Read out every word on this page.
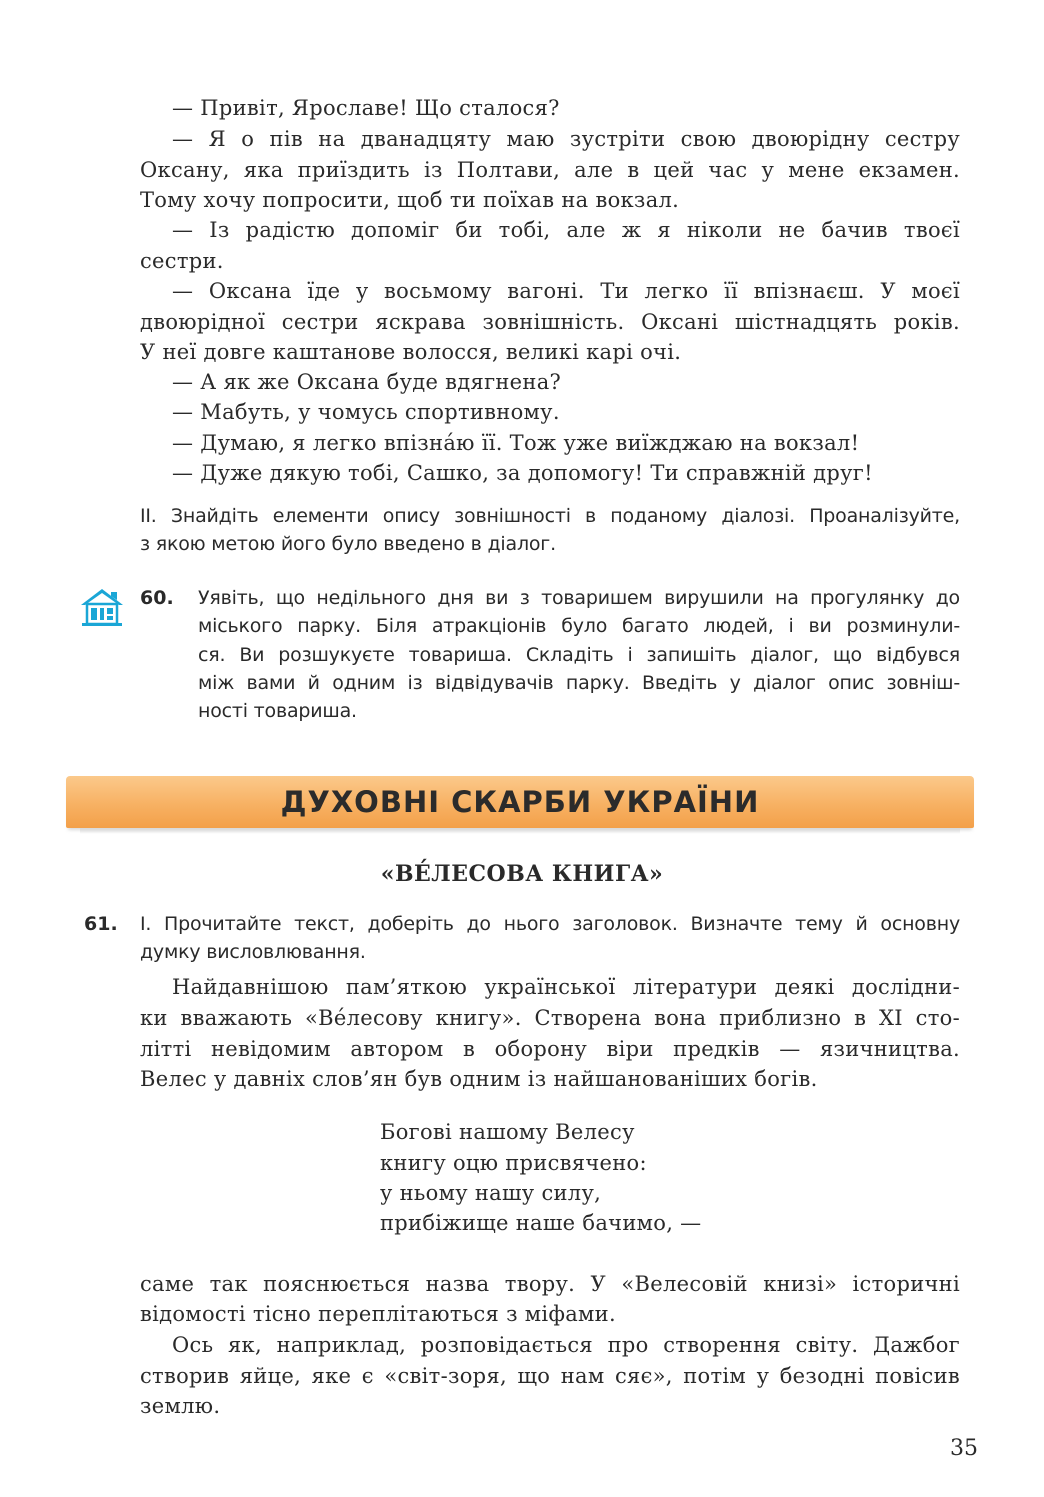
— Привіт, Ярославе! Що сталося?
— Я о пів на дванадцяту маю зустріти свою двоюрідну сестру
Оксану, яка приїздить із Полтави, але в цей час у мене екзамен.
Тому хочу попросити, щоб ти поїхав на вокзал.
— Із радістю допоміг би тобі, але ж я ніколи не бачив твоєї
сестри.
— Оксана їде у восьмому вагоні. Ти легко її впізнаєш. У моєї
двоюрідної сестри яскрава зовнішність. Оксані шістнадцять років.
У неї довге каштанове волосся, великі карі очі.
— А як же Оксана буде вдягнена?
— Мабуть, у чомусь спортивному.
— Думаю, я легко впізна́ю її. Тож уже виїжджаю на вокзал!
— Дуже дякую тобі, Сашко, за допомогу! Ти справжній друг!
ІІ. Знайдіть елементи опису зовнішності в поданому діалозі. Проаналізуйте,
з якою метою його було введено в діалог.
60. Уявіть, що недільного дня ви з товаришем вирушили на прогулянку до
міського парку. Біля атракціонів було багато людей, і ви розминули-
ся. Ви розшукуєте товариша. Складіть і запишіть діалог, що відбувся
між вами й одним із відвідувачів парку. Введіть у діалог опис зовніш-
ності товариша.
ДУХОВНІ СКАРБИ УКРАЇНИ
«ВЕ́ЛЕСОВА КНИГА»
61. І. Прочитайте текст, доберіть до нього заголовок. Визначте тему й основну
думку висловлювання.
Найдавнішою пам’яткою української літератури деякі дослідни-
ки вважають «Ве́лесову книгу». Створена вона приблизно в XI сто-
літті невідомим автором в оборону віри предків — язичництва.
Велес у давніх слов’ян був одним із найшанованіших богів.
Богові нашому Велесу
книгу оцю присвячено:
у ньому нашу силу,
прибіжище наше бачимо, —
саме так пояснюється назва твору. У «Велесовій книзі» історичні
відомості тісно переплітаються з міфами.
Ось як, наприклад, розповідається про створення світу. Дажбог
створив яйце, яке є «світ-зоря, що нам сяє», потім у безодні повісив
землю.
35
